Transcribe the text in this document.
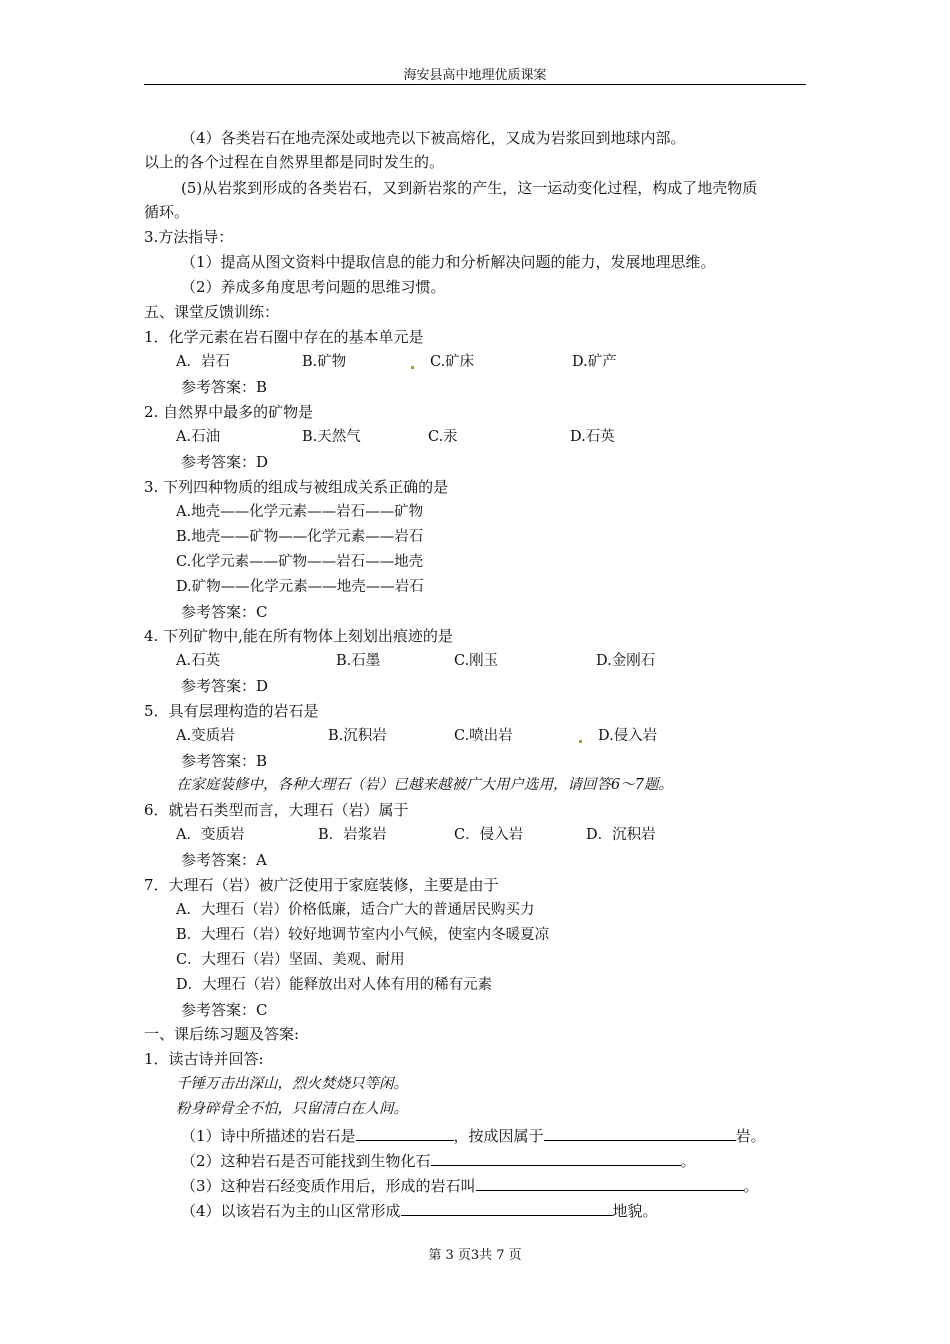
海安县高中地理优质课案
（4）各类岩石在地壳深处或地壳以下被高熔化，又成为岩浆回到地球内部。
以上的各个过程在自然界里都是同时发生的。
(5)从岩浆到形成的各类岩石，又到新岩浆的产生，这一运动变化过程，构成了地壳物质
循环。
3.方法指导：
（1）提高从图文资料中提取信息的能力和分析解决问题的能力，发展地理思维。
（2）养成多角度思考问题的思维习惯。
五、课堂反馈训练：
1．化学元素在岩石圈中存在的基本单元是
A．岩石	B.矿物	C.矿床	D.矿产
参考答案：B
2. 自然界中最多的矿物是
A.石油	B.天然气	C.汞	D.石英
参考答案：D
3. 下列四种物质的组成与被组成关系正确的是
A.地壳——化学元素——岩石——矿物
B.地壳——矿物——化学元素——岩石
C.化学元素——矿物——岩石——地壳
D.矿物——化学元素——地壳——岩石
参考答案：C
4. 下列矿物中,能在所有物体上刻划出痕迹的是
A.石英	B.石墨	C.刚玉	D.金刚石
参考答案：D
5．具有层理构造的岩石是
A.变质岩	B.沉积岩	C.喷出岩	D.侵入岩
参考答案：B
在家庭装修中，各种大理石（岩）已越来越被广大用户选用，请回答6～7题。
6．就岩石类型而言，大理石（岩）属于
A．变质岩	B．岩浆岩	C．侵入岩	D．沉积岩
参考答案：A
7．大理石（岩）被广泛使用于家庭装修，主要是由于
A．大理石（岩）价格低廉，适合广大的普通居民购买力
B．大理石（岩）较好地调节室内小气候，使室内冬暖夏凉
C．大理石（岩）坚固、美观、耐用
D．大理石（岩）能释放出对人体有用的稀有元素
参考答案：C
一、课后练习题及答案:
1．读古诗并回答:
千锤万击出深山，烈火焚烧只等闲。
粉身碎骨全不怕，只留清白在人间。
（1）诗中所描述的岩石是	，按成因属于	岩。
（2）这种岩石是否可能找到生物化石	。
（3）这种岩石经变质作用后，形成的岩石叫	。
（4）以该岩石为主的山区常形成	地貌。
第 3 页3共 7 页
